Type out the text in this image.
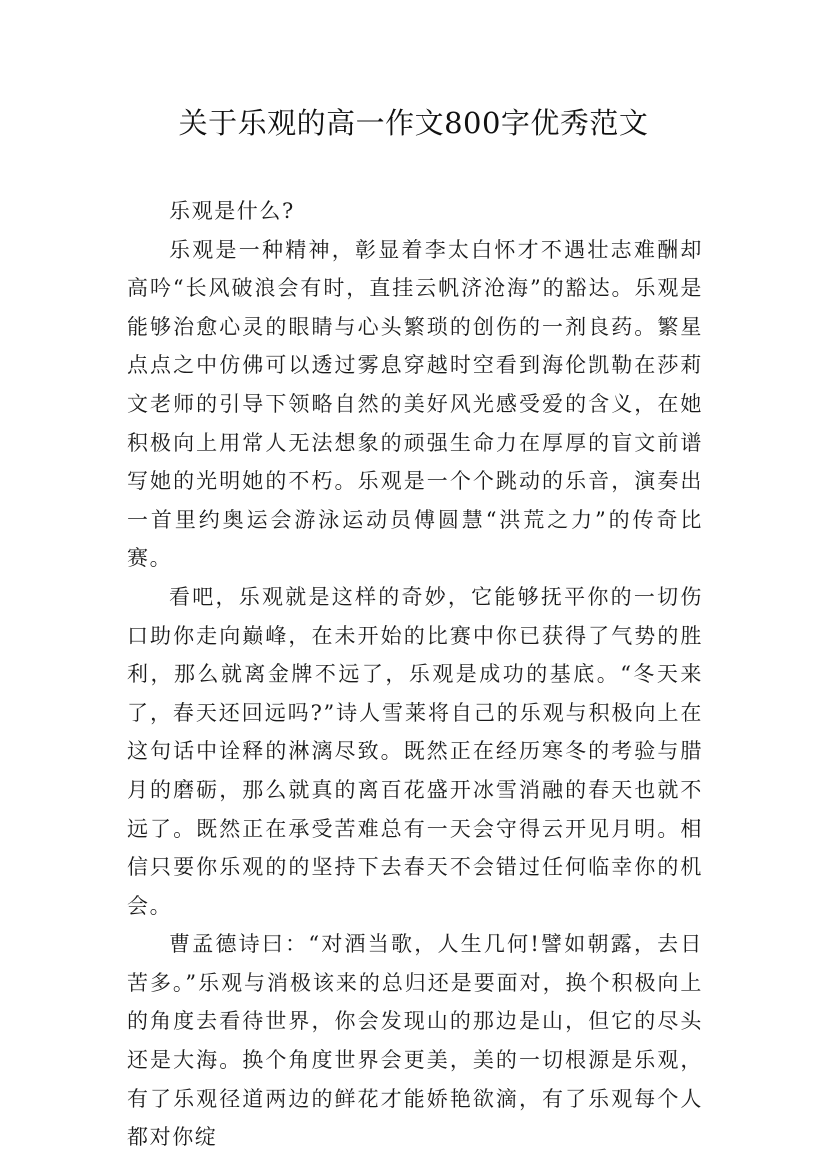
关于乐观的高一作文800字优秀范文

乐观是什么?

乐观是一种精神，彰显着李太白怀才不遇壮志难酬却高吟“长风破浪会有时，直挂云帆济沧海”的豁达。乐观是能够治愈心灵的眼睛与心头繁琐的创伤的一剂良药。繁星点点之中仿佛可以透过雾息穿越时空看到海伦凯勒在莎莉文老师的引导下领略自然的美好风光感受爱的含义，在她积极向上用常人无法想象的顽强生命力在厚厚的盲文前谱写她的光明她的不朽。乐观是一个个跳动的乐音，演奏出一首里约奥运会游泳运动员傅圆慧“洪荒之力”的传奇比赛。

看吧，乐观就是这样的奇妙，它能够抚平你的一切伤口助你走向巅峰，在未开始的比赛中你已获得了气势的胜利，那么就离金牌不远了，乐观是成功的基底。“冬天来了，春天还回远吗?”诗人雪莱将自己的乐观与积极向上在这句话中诠释的淋漓尽致。既然正在经历寒冬的考验与腊月的磨砺，那么就真的离百花盛开冰雪消融的春天也就不远了。既然正在承受苦难总有一天会守得云开见月明。相信只要你乐观的的坚持下去春天不会错过任何临幸你的机会。

曹孟德诗曰：“对酒当歌，人生几何!譬如朝露，去日苦多。”乐观与消极该来的总归还是要面对，换个积极向上的角度去看待世界，你会发现山的那边是山，但它的尽头还是大海。换个角度世界会更美，美的一切根源是乐观，有了乐观径道两边的鲜花才能娇艳欲滴，有了乐观每个人都对你绽
